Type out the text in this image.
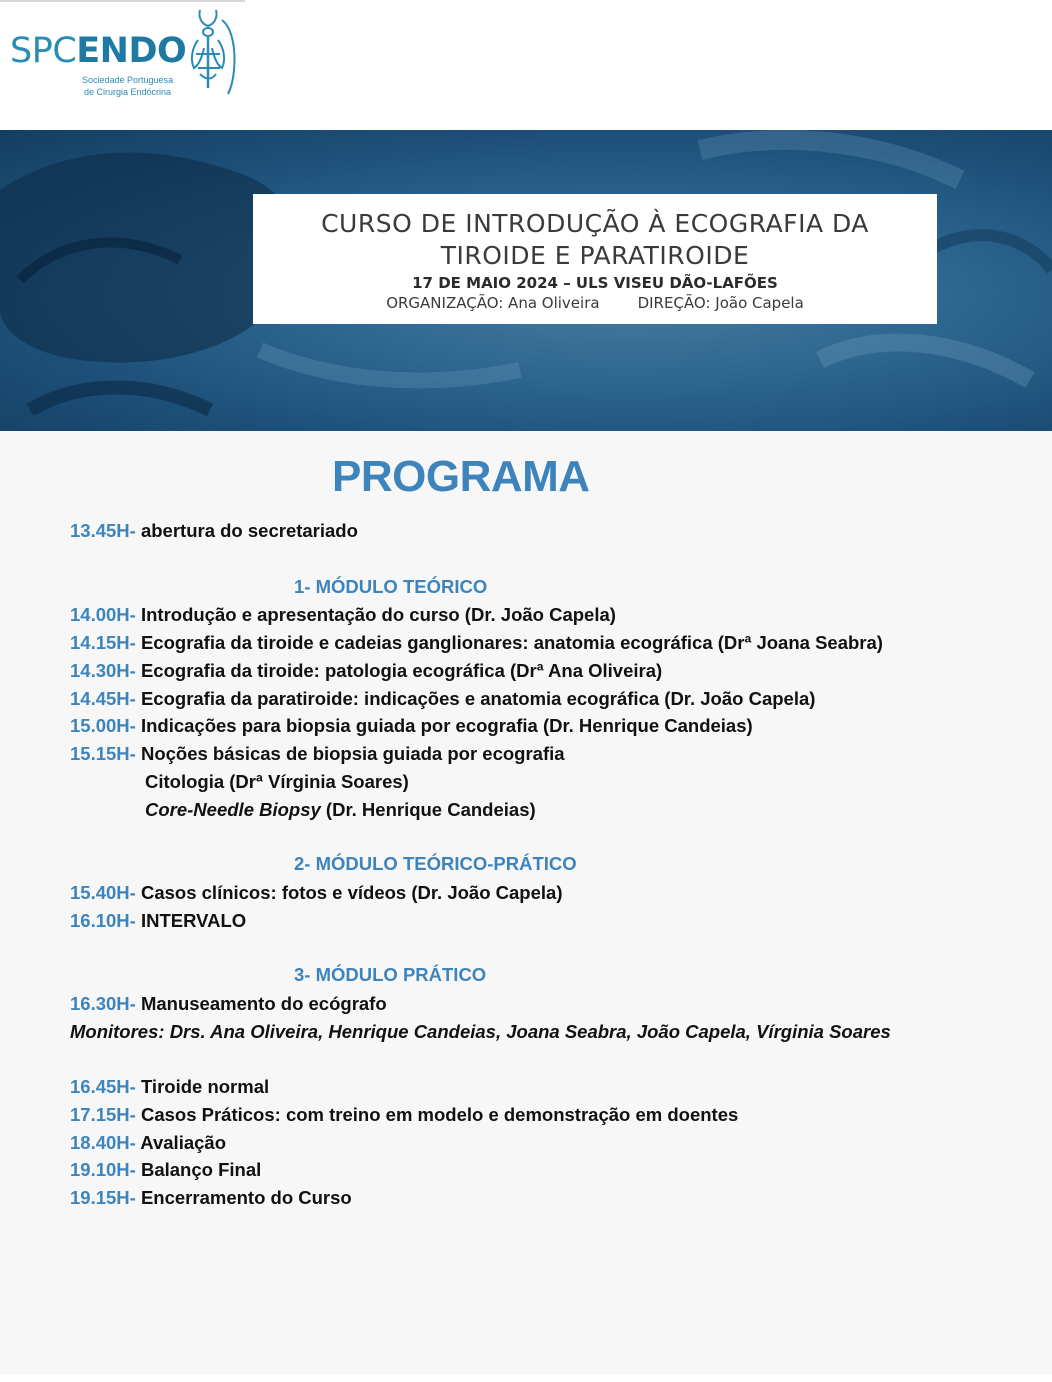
SPCENDO
Sociedade Portuguesa
de Cirurgia Endócrina
CURSO DE INTRODUÇÃO À ECOGRAFIA DA
TIROIDE E PARATIROIDE
17 DE MAIO 2024 – ULS VISEU DÃO-LAFÕES
ORGANIZAÇÃO: Ana Oliveira	DIREÇÃO: João Capela
PROGRAMA
13.45H- abertura do secretariado
1- MÓDULO TEÓRICO
14.00H- Introdução e apresentação do curso (Dr. João Capela)
14.15H- Ecografia da tiroide e cadeias ganglionares: anatomia ecográfica (Drª Joana Seabra)
14.30H- Ecografia da tiroide: patologia ecográfica (Drª Ana Oliveira)
14.45H- Ecografia da paratiroide: indicações e anatomia ecográfica (Dr. João Capela)
15.00H- Indicações para biopsia guiada por ecografia (Dr. Henrique Candeias)
15.15H- Noções básicas de biopsia guiada por ecografia
Citologia (Drª Vírginia Soares)
Core-Needle Biopsy (Dr. Henrique Candeias)
2- MÓDULO TEÓRICO-PRÁTICO
15.40H- Casos clínicos: fotos e vídeos (Dr. João Capela)
16.10H- INTERVALO
3- MÓDULO PRÁTICO
16.30H- Manuseamento do ecógrafo
Monitores: Drs. Ana Oliveira, Henrique Candeias, Joana Seabra, João Capela, Vírginia Soares
16.45H- Tiroide normal
17.15H- Casos Práticos: com treino em modelo e demonstração em doentes
18.40H- Avaliação
19.10H- Balanço Final
19.15H- Encerramento do Curso
